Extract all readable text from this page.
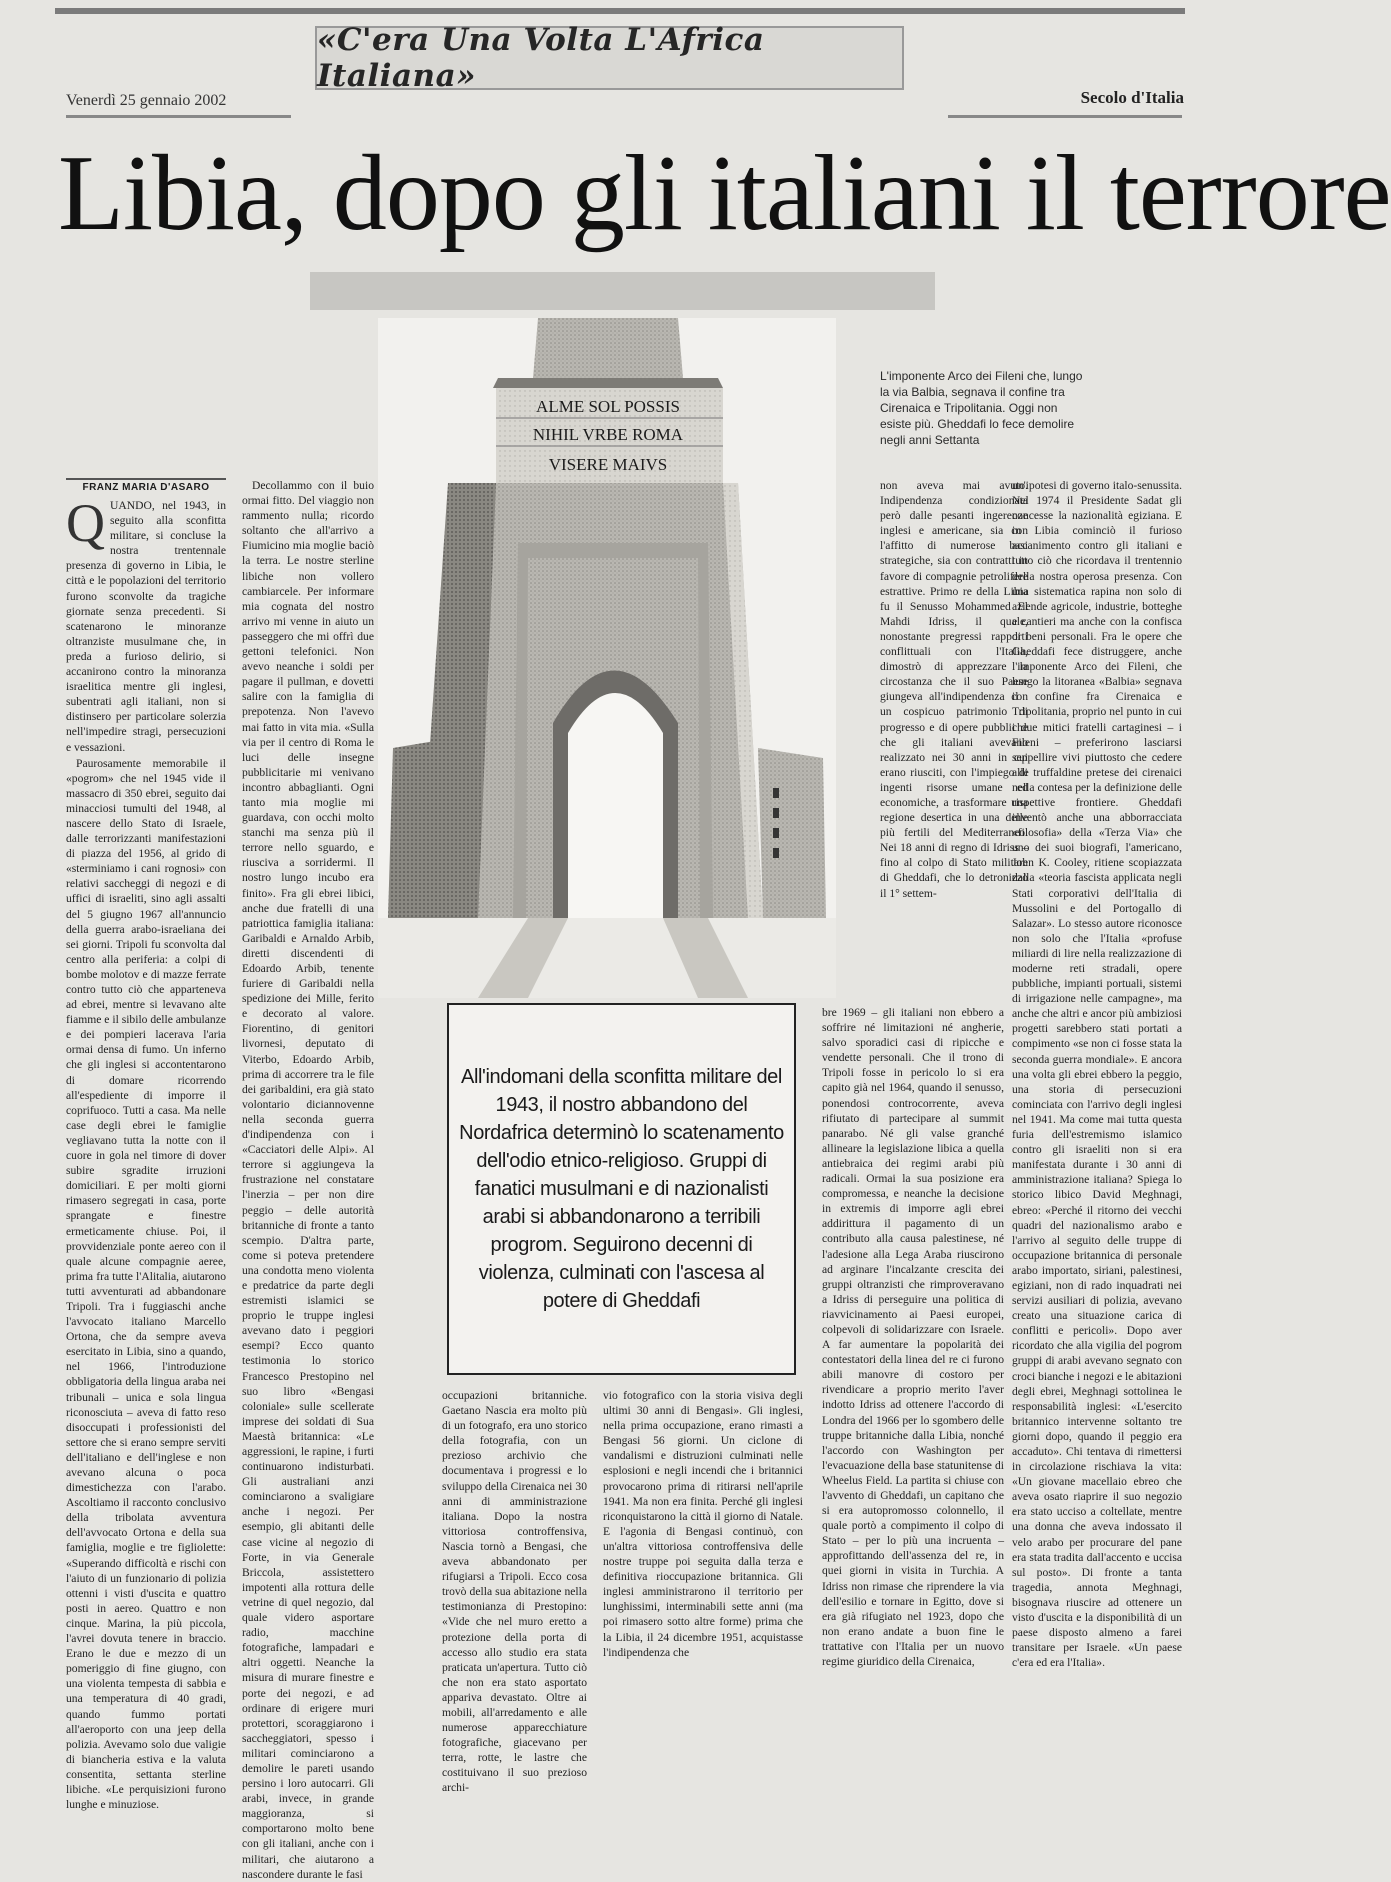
«C'era Una Volta L'Africa Italiana»
Venerdì 25 gennaio 2002	Secolo d'Italia
Libia, dopo gli italiani il terrore
ALME SOL POSSIS
NIHIL VRBE ROMA
VISERE MAIVS
L'imponente Arco dei Fileni che, lungo la via Balbia, segnava il confine tra Cirenaica e Tripolitania. Oggi non esiste più. Gheddafi lo fece demolire negli anni Settanta
FRANZ MARIA D'ASARO

QUANDO, nel 1943, in seguito alla sconfitta militare, si concluse la nostra trentennale presenza di governo in Libia, le città e le popolazioni del territorio furono sconvolte da tragiche giornate senza precedenti. Si scatenarono le minoranze oltranziste musulmane che, in preda a furioso delirio, si accanirono contro la minoranza israelitica mentre gli inglesi, subentrati agli italiani, non si distinsero per particolare solerzia nell'impedire stragi, persecuzioni e vessazioni.

Paurosamente memorabile il «pogrom» che nel 1945 vide il massacro di 350 ebrei, seguito dai minacciosi tumulti del 1948, al nascere dello Stato di Israele, dalle terrorizzanti manifestazioni di piazza del 1956, al grido di «sterminiamo i cani rognosi» con relativi saccheggi di negozi e di uffici di israeliti, sino agli assalti del 5 giugno 1967 all'annuncio della guerra arabo-israeliana dei sei giorni. Tripoli fu sconvolta dal centro alla periferia: a colpi di bombe molotov e di mazze ferrate contro tutto ciò che apparteneva ad ebrei, mentre si levavano alte fiamme e il sibilo delle ambulanze e dei pompieri lacerava l'aria ormai densa di fumo. Un inferno che gli inglesi si accontentarono di domare ricorrendo all'espediente di imporre il coprifuoco. Tutti a casa. Ma nelle case degli ebrei le famiglie vegliavano tutta la notte con il cuore in gola nel timore di dover subire sgradite irruzioni domiciliari. E per molti giorni rimasero segregati in casa, porte sprangate e finestre ermeticamente chiuse. Poi, il provvidenziale ponte aereo con il quale alcune compagnie aeree, prima fra tutte l'Alitalia, aiutarono tutti avventurati ad abbandonare Tripoli. Tra i fuggiaschi anche l'avvocato italiano Marcello Ortona, che da sempre aveva esercitato in Libia, sino a quando, nel 1966, l'introduzione obbligatoria della lingua araba nei tribunali – unica e sola lingua riconosciuta – aveva di fatto reso disoccupati i professionisti del settore che si erano sempre serviti dell'italiano e dell'inglese e non avevano alcuna o poca dimestichezza con l'arabo. Ascoltiamo il racconto conclusivo della tribolata avventura dell'avvocato Ortona e della sua famiglia, moglie e tre figliolette: «Superando difficoltà e rischi con l'aiuto di un funzionario di polizia ottenni i visti d'uscita e quattro posti in aereo. Quattro e non cinque. Marina, la più piccola, l'avrei dovuta tenere in braccio. Erano le due e mezzo di un pomeriggio di fine giugno, con una violenta tempesta di sabbia e una temperatura di 40 gradi, quando fummo portati all'aeroporto con una jeep della polizia. Avevamo solo due valigie di biancheria estiva e la valuta consentita, settanta sterline libiche. «Le perquisizioni furono lunghe e minuziose.

Decollammo con il buio ormai fitto. Del viaggio non rammento nulla; ricordo soltanto che all'arrivo a Fiumicino mia moglie baciò la terra. Le nostre sterline libiche non vollero cambiarcele. Per informare mia cognata del nostro arrivo mi venne in aiuto un passeggero che mi offrì due gettoni telefonici. Non avevo neanche i soldi per pagare il pullman, e dovetti salire con la famiglia di prepotenza. Non l'avevo mai fatto in vita mia. «Sulla via per il centro di Roma le luci delle insegne pubblicitarie mi venivano incontro abbaglianti. Ogni tanto mia moglie mi guardava, con occhi molto stanchi ma senza più il terrore nello sguardo, e riusciva a sorridermi. Il nostro lungo incubo era finito». Fra gli ebrei libici, anche due fratelli di una patriottica famiglia italiana: Garibaldi e Arnaldo Arbib, diretti discendenti di Edoardo Arbib, tenente furiere di Garibaldi nella spedizione dei Mille, ferito e decorato al valore. Fiorentino, di genitori livornesi, deputato di Viterbo, Edoardo Arbib, prima di accorrere tra le file dei garibaldini, era già stato volontario diciannovenne nella seconda guerra d'indipendenza con i «Cacciatori delle Alpi». Al terrore si aggiungeva la frustrazione nel constatare l'inerzia – per non dire peggio – delle autorità britanniche di fronte a tanto scempio. D'altra parte, come si poteva pretendere una condotta meno violenta e predatrice da parte degli estremisti islamici se proprio le truppe inglesi avevano dato i peggiori esempi? Ecco quanto testimonia lo storico Francesco Prestopino nel suo libro «Bengasi coloniale» sulle scellerate imprese dei soldati di Sua Maestà britannica: «Le aggressioni, le rapine, i furti continuarono indisturbati. Gli australiani anzi cominciarono a svaligiare anche i negozi. Per esempio, gli abitanti delle case vicine al negozio di Forte, in via Generale Briccola, assistettero impotenti alla rottura delle vetrine di quel negozio, dal quale videro asportare radio, macchine fotografiche, lampadari e altri oggetti. Neanche la misura di murare finestre e porte dei negozi, e ad ordinare di erigere muri protettori, scoraggiarono i saccheggiatori, spesso i militari cominciarono a demolire le pareti usando persino i loro autocarri. Gli arabi, invece, in grande maggioranza, si comportarono molto bene con gli italiani, anche con i militari, che aiutarono a nascondere durante le fasi

All'indomani della sconfitta militare del 1943, il nostro abbandono del Nordafrica determinò lo scatenamento dell'odio etnico-religioso. Gruppi di fanatici musulmani e di nazionalisti arabi si abbandonarono a terribili progrom. Seguirono decenni di violenza, culminati con l'ascesa al potere di Gheddafi

occupazioni britanniche. Gaetano Nascia era molto più di un fotografo, era uno storico della fotografia, con un prezioso archivio che documentava i progressi e lo sviluppo della Cirenaica nei 30 anni di amministrazione italiana. Dopo la nostra vittoriosa controffensiva, Nascia tornò a Bengasi, che aveva abbandonato per rifugiarsi a Tripoli. Ecco cosa trovò della sua abitazione nella testimonianza di Prestopino: «Vide che nel muro eretto a protezione della porta di accesso allo studio era stata praticata un'apertura. Tutto ciò che non era stato asportato appariva devastato. Oltre ai mobili, all'arredamento e alle numerose apparecchiature fotografiche, giacevano per terra, rotte, le lastre che costituivano il suo prezioso archi-

vio fotografico con la storia visiva degli ultimi 30 anni di Bengasi». Gli inglesi, nella prima occupazione, erano rimasti a Bengasi 56 giorni. Un ciclone di vandalismi e distruzioni culminati nelle esplosioni e negli incendi che i britannici provocarono prima di ritirarsi nell'aprile 1941. Ma non era finita. Perché gli inglesi riconquistarono la città il giorno di Natale. E l'agonia di Bengasi continuò, con un'altra vittoriosa controffensiva delle nostre truppe poi seguita dalla terza e definitiva rioccupazione britannica. Gli inglesi amministrarono il territorio per lunghissimi, interminabili sette anni (ma poi rimasero sotto altre forme) prima che la Libia, il 24 dicembre 1951, acquistasse l'indipendenza che

non aveva mai avuto. Indipendenza condizionata però dalle pesanti ingerenze inglesi e americane, sia con l'affitto di numerose basi strategiche, sia con contratti in favore di compagnie petrolifere estrattive. Primo re della Libia fu il Senusso Mohammed El Mahdi Idriss, il quale, nonostante pregressi rapporti conflittuali con l'Italia, dimostrò di apprezzare la circostanza che il suo Paese giungeva all'indipendenza con un cospicuo patrimonio di progresso e di opere pubbliche che gli italiani avevano realizzato nei 30 anni in cui erano riusciti, con l'impiego di ingenti risorse umane ed economiche, a trasformare una regione desertica in una delle più fertili del Mediterraneo. Nei 18 anni di regno di Idriss – fino al colpo di Stato militare di Gheddafi, che lo detronizzò il 1° settem-

bre 1969 – gli italiani non ebbero a soffrire né limitazioni né angherie, salvo sporadici casi di ripicche e vendette personali. Che il trono di Tripoli fosse in pericolo lo si era capito già nel 1964, quando il senusso, ponendosi controcorrente, aveva rifiutato di partecipare al summit panarabo. Né gli valse granché allineare la legislazione libica a quella antiebraica dei regimi arabi più radicali. Ormai la sua posizione era compromessa, e neanche la decisione in extremis di imporre agli ebrei addirittura il pagamento di un contributo alla causa palestinese, né l'adesione alla Lega Araba riuscirono ad arginare l'incalzante crescita dei gruppi oltranzisti che rimproveravano a Idriss di perseguire una politica di riavvicinamento ai Paesi europei, colpevoli di solidarizzare con Israele. A far aumentare la popolarità dei contestatori della linea del re ci furono abili manovre di costoro per rivendicare a proprio merito l'aver indotto Idriss ad ottenere l'accordo di Londra del 1966 per lo sgombero delle truppe britanniche dalla Libia, nonché l'accordo con Washington per l'evacuazione della base statunitense di Wheelus Field. La partita si chiuse con l'avvento di Gheddafi, un capitano che si era autopromosso colonnello, il quale portò a compimento il colpo di Stato – per lo più una incruenta – approfittando dell'assenza del re, in quei giorni in visita in Turchia. A Idriss non rimase che riprendere la via dell'esilio e tornare in Egitto, dove si era già rifugiato nel 1923, dopo che non erano andate a buon fine le trattative con l'Italia per un nuovo regime giuridico della Cirenaica,

un'ipotesi di governo italo-senussita. Nel 1974 il Presidente Sadat gli concesse la nazionalità egiziana. E in Libia cominciò il furioso accanimento contro gli italiani e tutto ciò che ricordava il trentennio della nostra operosa presenza. Con una sistematica rapina non solo di aziende agricole, industrie, botteghe e cantieri ma anche con la confisca di beni personali. Fra le opere che Gheddafi fece distruggere, anche l'imponente Arco dei Fileni, che lungo la litoranea «Balbia» segnava il confine fra Cirenaica e Tripolitania, proprio nel punto in cui i due mitici fratelli cartaginesi – i Fileni – preferirono lasciarsi seppellire vivi piuttosto che cedere alle truffaldine pretese dei cirenaici nella contesa per la definizione delle rispettive frontiere. Gheddafi inventò anche una abborracciata «filosofia» della «Terza Via» che uno dei suoi biografi, l'americano, John K. Cooley, ritiene scopiazzata dalla «teoria fascista applicata negli Stati corporativi dell'Italia di Mussolini e del Portogallo di Salazar». Lo stesso autore riconosce non solo che l'Italia «profuse miliardi di lire nella realizzazione di moderne reti stradali, opere pubbliche, impianti portuali, sistemi di irrigazione nelle campagne», ma anche che altri e ancor più ambiziosi progetti sarebbero stati portati a compimento «se non ci fosse stata la seconda guerra mondiale». E ancora una volta gli ebrei ebbero la peggio, una storia di persecuzioni cominciata con l'arrivo degli inglesi nel 1941. Ma come mai tutta questa furia dell'estremismo islamico contro gli israeliti non si era manifestata durante i 30 anni di amministrazione italiana? Spiega lo storico libico David Meghnagi, ebreo: «Perché il ritorno dei vecchi quadri del nazionalismo arabo e l'arrivo al seguito delle truppe di occupazione britannica di personale arabo importato, siriani, palestinesi, egiziani, non di rado inquadrati nei servizi ausiliari di polizia, avevano creato una situazione carica di conflitti e pericoli». Dopo aver ricordato che alla vigilia del pogrom gruppi di arabi avevano segnato con croci bianche i negozi e le abitazioni degli ebrei, Meghnagi sottolinea le responsabilità inglesi: «L'esercito britannico intervenne soltanto tre giorni dopo, quando il peggio era accaduto». Chi tentava di rimettersi in circolazione rischiava la vita: «Un giovane macellaio ebreo che aveva osato riaprire il suo negozio era stato ucciso a coltellate, mentre una donna che aveva indossato il velo arabo per procurare del pane era stata tradita dall'accento e uccisa sul posto». Di fronte a tanta tragedia, annota Meghnagi, bisognava riuscire ad ottenere un visto d'uscita e la disponibilità di un paese disposto almeno a farei transitare per Israele. «Un paese c'era ed era l'Italia».
